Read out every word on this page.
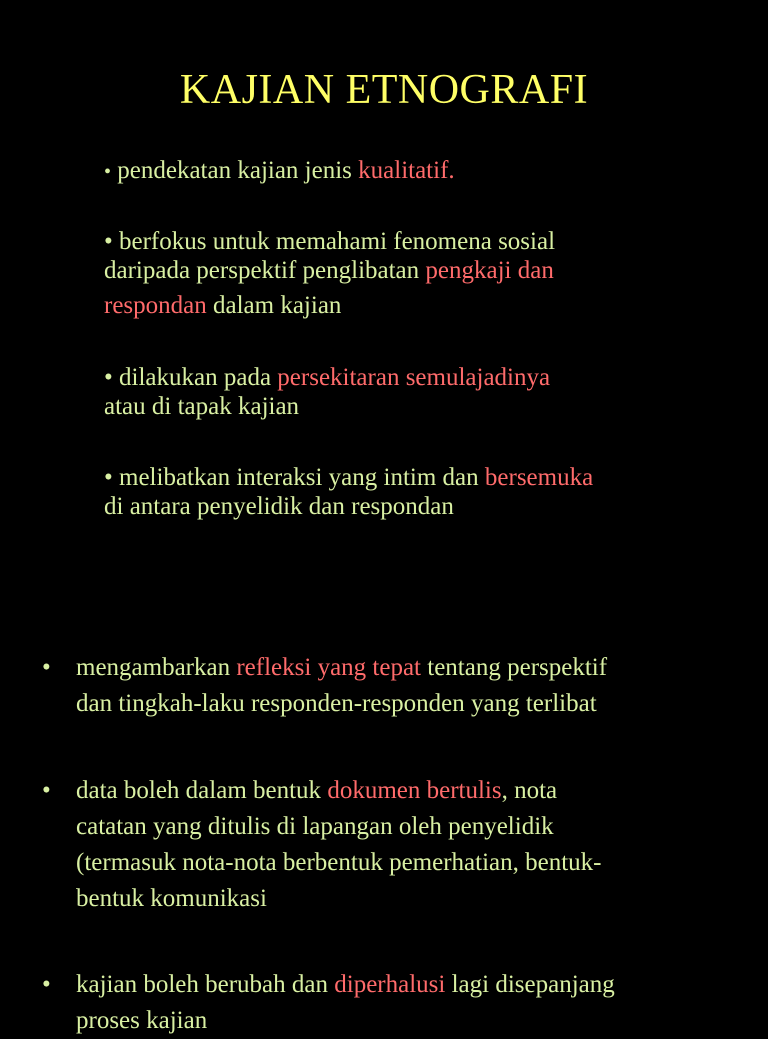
KAJIAN ETNOGRAFI
• pendekatan kajian jenis kualitatif.
• berfokus untuk memahami fenomena sosial
daripada perspektif penglibatan pengkaji dan
respondan dalam kajian
• dilakukan pada persekitaran semulajadinya
atau di tapak kajian
• melibatkan interaksi yang intim dan bersemuka
di antara penyelidik dan respondan
•	mengambarkan refleksi yang tepat tentang perspektif
dan tingkah-laku responden-responden yang terlibat
•	data boleh dalam bentuk dokumen bertulis, nota
catatan yang ditulis di lapangan oleh penyelidik
(termasuk nota-nota berbentuk pemerhatian, bentuk-
bentuk komunikasi
•	kajian boleh berubah dan diperhalusi lagi disepanjang
proses kajian
